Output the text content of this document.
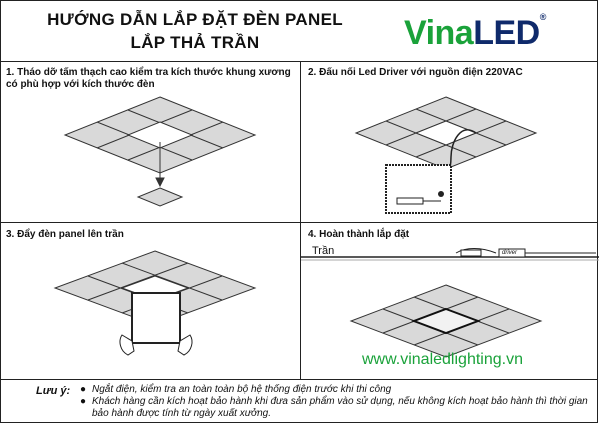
HƯỚNG DẪN LẮP ĐẶT ĐÈN PANEL
LẮP THẢ TRẦN	VinaLED®
1. Tháo dỡ tấm thạch cao kiểm tra kích thước khung xương
có phù hợp với kích thước đèn
2. Đấu nối Led Driver với nguồn điện 220VAC
3. Đẩy đèn panel lên trần	4. Hoàn thành lắp đặt
Trần	driver
www.vinaledlighting.vn
Lưu ý: ● Ngắt điện, kiểm tra an toàn toàn bộ hệ thống điện trước khi thi công
● Khách hàng cần kích hoạt bảo hành khi đưa sản phẩm vào sử dụng, nếu không kích hoạt bảo hành thì thời gian bảo hành được tính từ ngày xuất xưởng.
